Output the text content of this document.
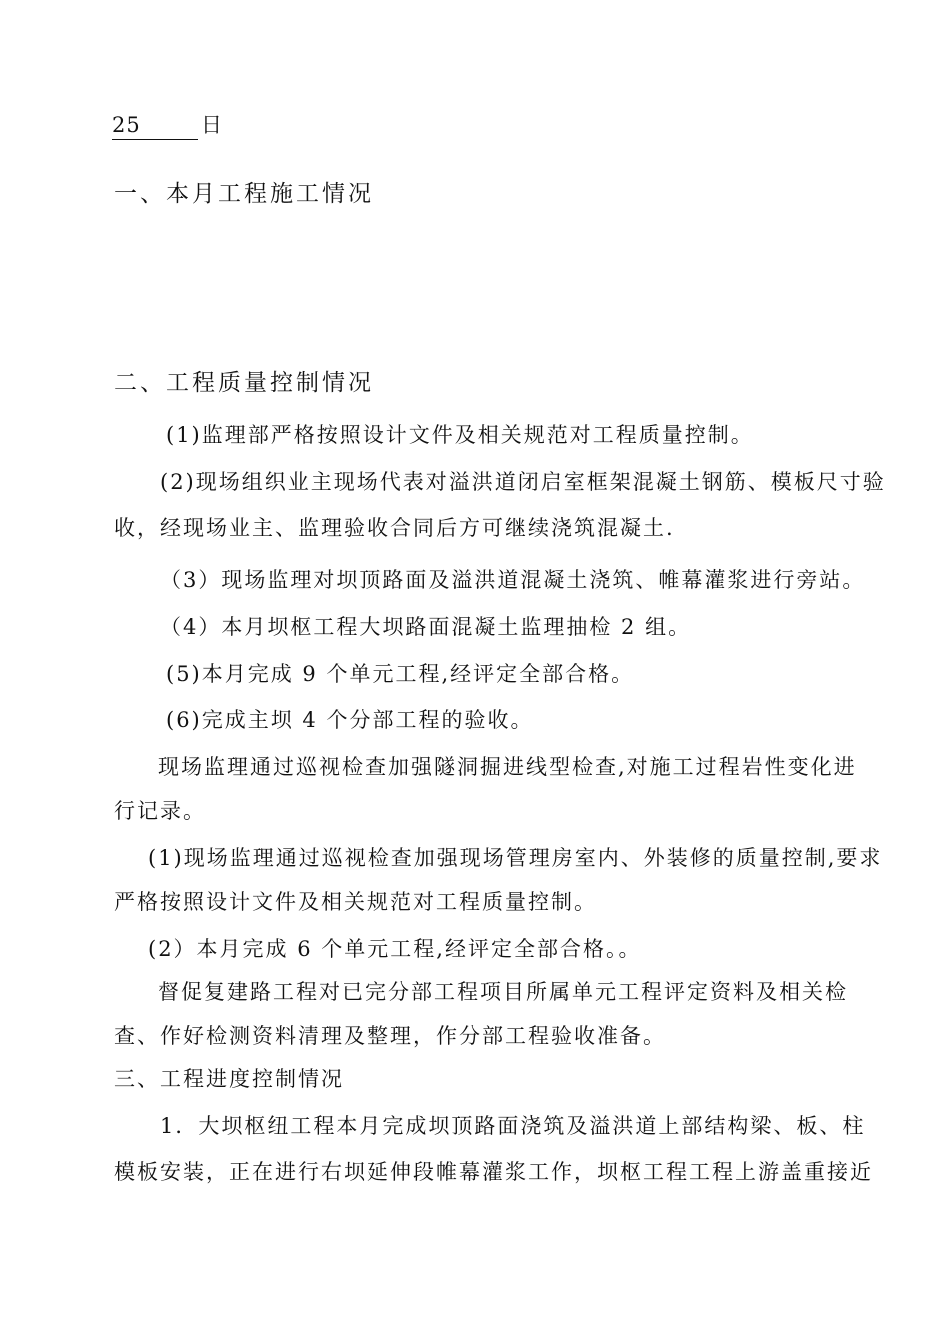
25	日
一、本月工程施工情况
二、工程质量控制情况
(1)监理部严格按照设计文件及相关规范对工程质量控制。
(2)现场组织业主现场代表对溢洪道闭启室框架混凝土钢筋、模板尺寸验
收，经现场业主、监理验收合同后方可继续浇筑混凝土.
（3）现场监理对坝顶路面及溢洪道混凝土浇筑、帷幕灌浆进行旁站。
（4）本月坝枢工程大坝路面混凝土监理抽检 2 组。
(5)本月完成 9 个单元工程,经评定全部合格。
(6)完成主坝 4 个分部工程的验收。
现场监理通过巡视检查加强隧洞掘进线型检查,对施工过程岩性变化进
行记录。
(1)现场监理通过巡视检查加强现场管理房室内、外装修的质量控制,要求
严格按照设计文件及相关规范对工程质量控制。
(2）本月完成 6 个单元工程,经评定全部合格。。
督促复建路工程对已完分部工程项目所属单元工程评定资料及相关检
查、作好检测资料清理及整理，作分部工程验收准备。
三、工程进度控制情况
1．大坝枢纽工程本月完成坝顶路面浇筑及溢洪道上部结构梁、板、柱
模板安装，正在进行右坝延伸段帷幕灌浆工作，坝枢工程工程上游盖重接近
